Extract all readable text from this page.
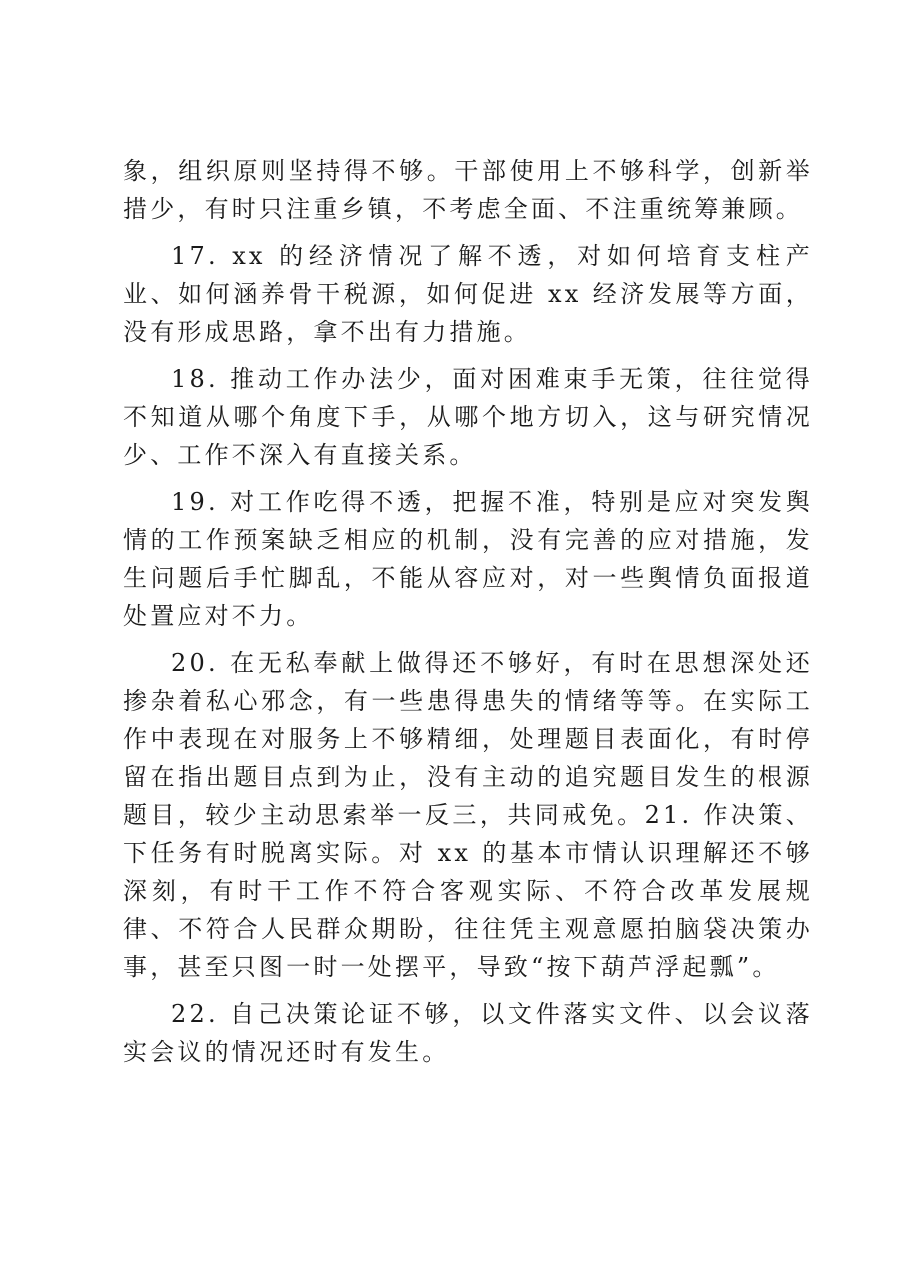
象，组织原则坚持得不够。干部使用上不够科学，创新举措少，有时只注重乡镇，不考虑全面、不注重统筹兼顾。

17. xx 的经济情况了解不透，对如何培育支柱产业、如何涵养骨干税源，如何促进 xx 经济发展等方面，没有形成思路，拿不出有力措施。

18. 推动工作办法少，面对困难束手无策，往往觉得不知道从哪个角度下手，从哪个地方切入，这与研究情况少、工作不深入有直接关系。

19. 对工作吃得不透，把握不准，特别是应对突发舆情的工作预案缺乏相应的机制，没有完善的应对措施，发生问题后手忙脚乱，不能从容应对，对一些舆情负面报道处置应对不力。

20. 在无私奉献上做得还不够好，有时在思想深处还掺杂着私心邪念，有一些患得患失的情绪等等。在实际工作中表现在对服务上不够精细，处理题目表面化，有时停留在指出题目点到为止，没有主动的追究题目发生的根源题目，较少主动思索举一反三，共同戒免。21. 作决策、下任务有时脱离实际。对 xx 的基本市情认识理解还不够深刻，有时干工作不符合客观实际、不符合改革发展规律、不符合人民群众期盼，往往凭主观意愿拍脑袋决策办事，甚至只图一时一处摆平，导致“按下葫芦浮起瓢”。

22. 自己决策论证不够，以文件落实文件、以会议落实会议的情况还时有发生。
